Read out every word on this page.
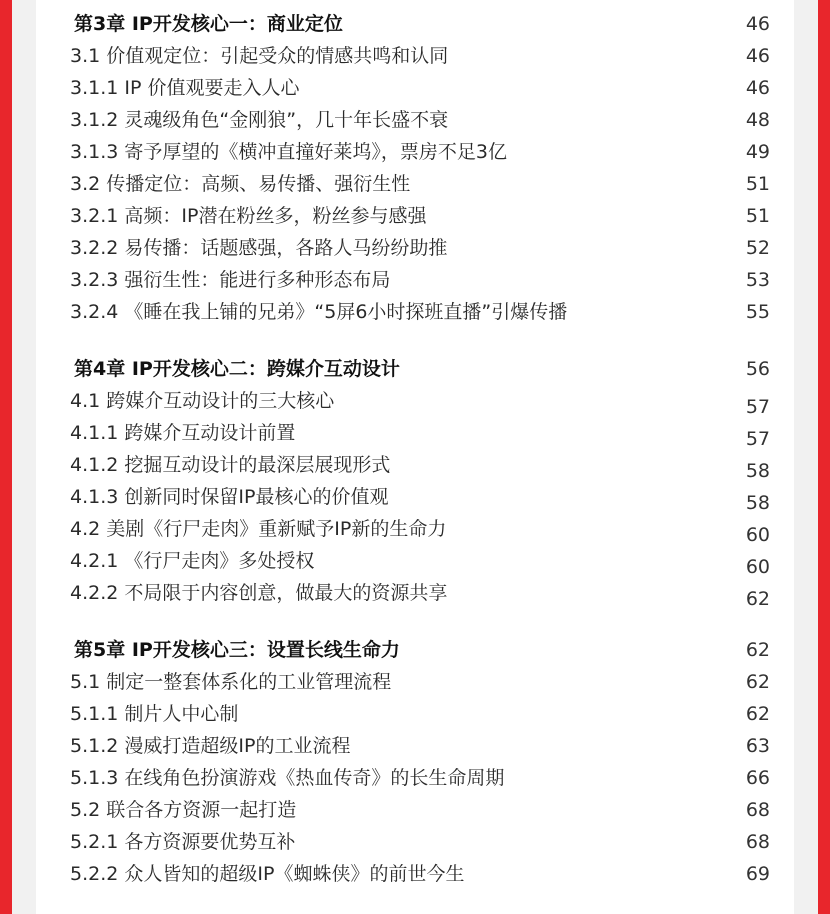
第3章 IP开发核心一：商业定位	46
3.1 价值观定位：引起受众的情感共鸣和认同	46
3.1.1 IP 价值观要走入人心	46
3.1.2 灵魂级角色“金刚狼”，几十年长盛不衰	48
3.1.3 寄予厚望的《横冲直撞好莱坞》，票房不足3亿	49
3.2 传播定位：高频、易传播、强衍生性	51
3.2.1 高频：IP潜在粉丝多，粉丝参与感强	51
3.2.2 易传播：话题感强，各路人马纷纷助推	52
3.2.3 强衍生性：能进行多种形态布局	53
3.2.4 《睡在我上铺的兄弟》“5屏6小时探班直播”引爆传播	55
第4章 IP开发核心二：跨媒介互动设计	56
4.1 跨媒介互动设计的三大核心	57
4.1.1 跨媒介互动设计前置	57
4.1.2 挖掘互动设计的最深层展现形式	58
4.1.3 创新同时保留IP最核心的价值观	58
4.2 美剧《行尸走肉》重新赋予IP新的生命力	60
4.2.1 《行尸走肉》多处授权	60
4.2.2 不局限于内容创意，做最大的资源共享	62
第5章 IP开发核心三：设置长线生命力	62
5.1 制定一整套体系化的工业管理流程	62
5.1.1 制片人中心制	62
5.1.2 漫威打造超级IP的工业流程	63
5.1.3 在线角色扮演游戏《热血传奇》的长生命周期	66
5.2 联合各方资源一起打造	68
5.2.1 各方资源要优势互补	68
5.2.2 众人皆知的超级IP《蜘蛛侠》的前世今生	69
